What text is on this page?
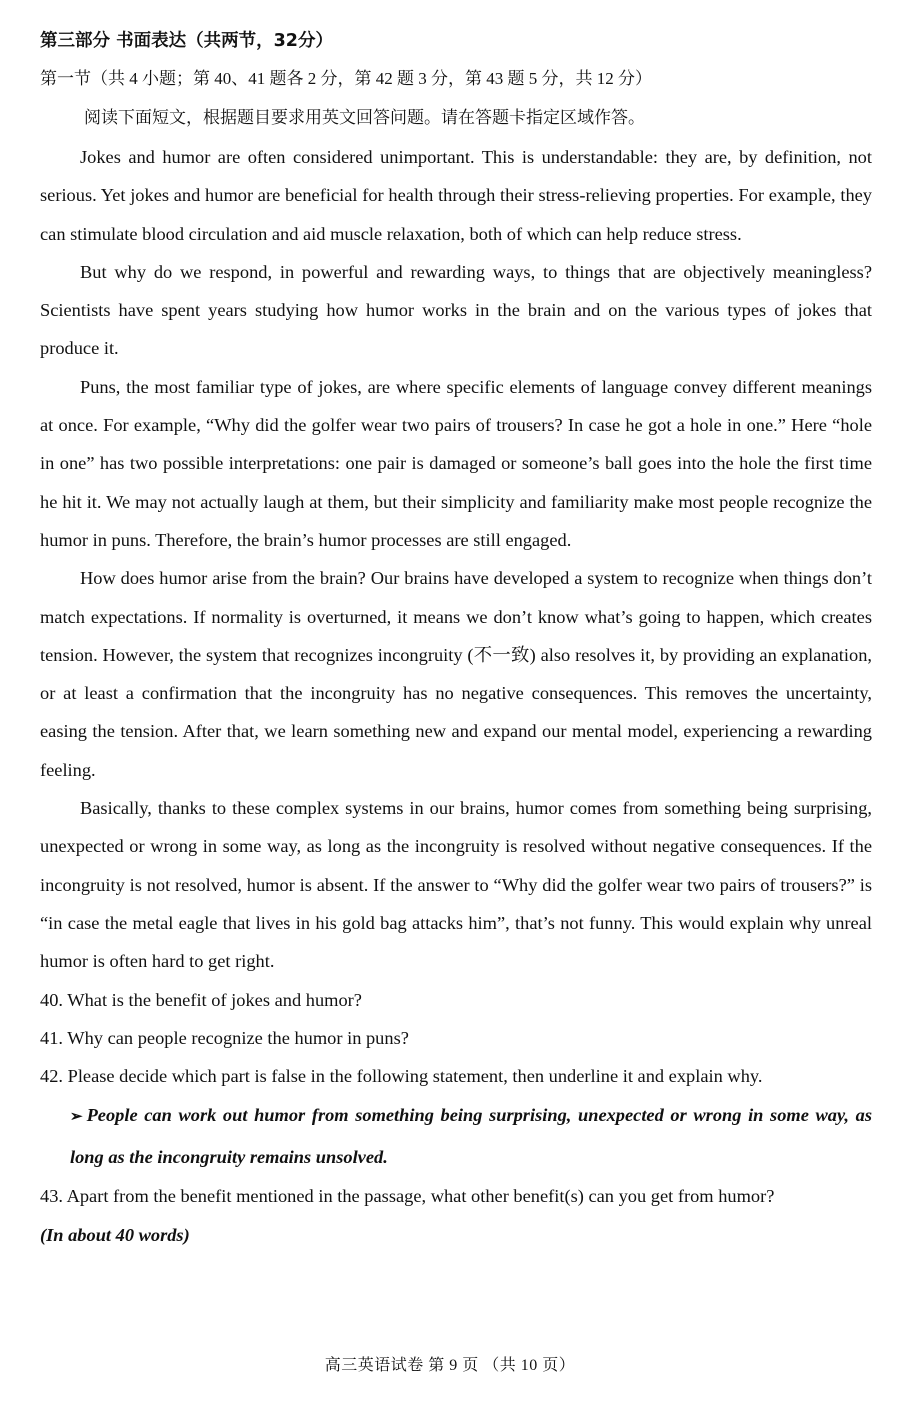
第三部分 书面表达（共两节，32分）
第一节（共 4 小题；第 40、41 题各 2 分，第 42 题 3 分，第 43 题 5 分，共 12 分）
阅读下面短文，根据题目要求用英文回答问题。请在答题卡指定区域作答。

Jokes and humor are often considered unimportant. This is understandable: they are, by definition, not serious. Yet jokes and humor are beneficial for health through their stress-relieving properties. For example, they can stimulate blood circulation and aid muscle relaxation, both of which can help reduce stress.

But why do we respond, in powerful and rewarding ways, to things that are objectively meaningless? Scientists have spent years studying how humor works in the brain and on the various types of jokes that produce it.

Puns, the most familiar type of jokes, are where specific elements of language convey different meanings at once. For example, “Why did the golfer wear two pairs of trousers? In case he got a hole in one.” Here “hole in one” has two possible interpretations: one pair is damaged or someone’s ball goes into the hole the first time he hit it. We may not actually laugh at them, but their simplicity and familiarity make most people recognize the humor in puns. Therefore, the brain’s humor processes are still engaged.

How does humor arise from the brain? Our brains have developed a system to recognize when things don’t match expectations. If normality is overturned, it means we don’t know what’s going to happen, which creates tension. However, the system that recognizes incongruity (不一致) also resolves it, by providing an explanation, or at least a confirmation that the incongruity has no negative consequences. This removes the uncertainty, easing the tension. After that, we learn something new and expand our mental model, experiencing a rewarding feeling.

Basically, thanks to these complex systems in our brains, humor comes from something being surprising, unexpected or wrong in some way, as long as the incongruity is resolved without negative consequences. If the incongruity is not resolved, humor is absent. If the answer to “Why did the golfer wear two pairs of trousers?” is “in case the metal eagle that lives in his gold bag attacks him”, that’s not funny. This would explain why unreal humor is often hard to get right.

40. What is the benefit of jokes and humor?

41. Why can people recognize the humor in puns?

42. Please decide which part is false in the following statement, then underline it and explain why.

➢ People can work out humor from something being surprising, unexpected or wrong in some way, as long as the incongruity remains unsolved.

43. Apart from the benefit mentioned in the passage, what other benefit(s) can you get from humor?
(In about 40 words)

高三英语试卷 第 9 页 （共 10 页）
